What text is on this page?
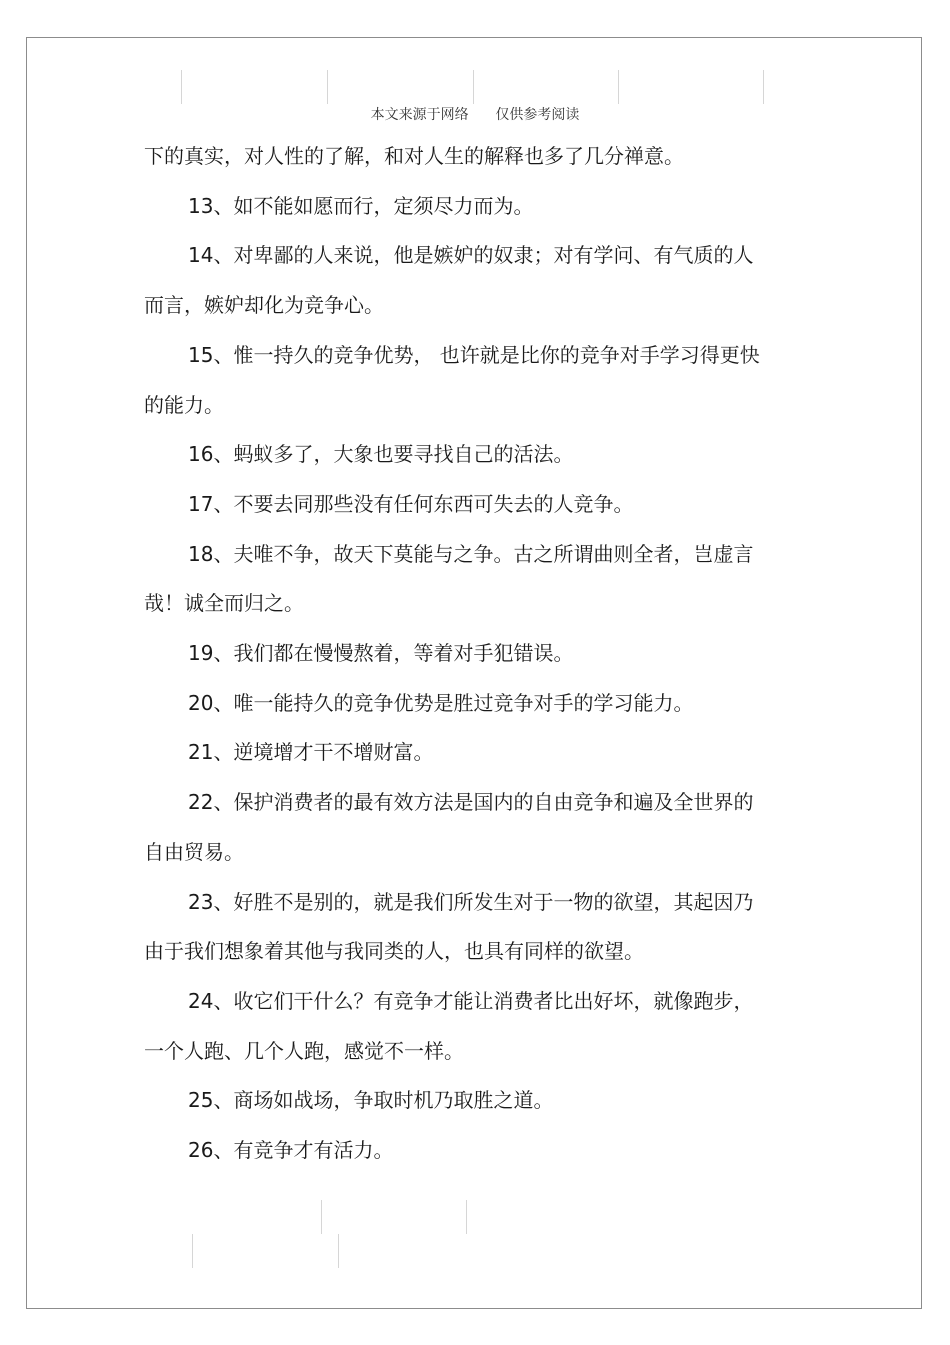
本文来源于网络      仅供参考阅读

下的真实，对人性的了解，和对人生的解释也多了几分禅意。

13、如不能如愿而行，定须尽力而为。

14、对卑鄙的人来说，他是嫉妒的奴隶；对有学问、有气质的人

而言，嫉妒却化为竞争心。

15、惟一持久的竞争优势， 也许就是比你的竞争对手学习得更快

的能力。

16、蚂蚁多了，大象也要寻找自己的活法。

17、不要去同那些没有任何东西可失去的人竞争。

18、夫唯不争，故天下莫能与之争。古之所谓曲则全者，岂虚言

哉！诚全而归之。

19、我们都在慢慢熬着，等着对手犯错误。

20、唯一能持久的竞争优势是胜过竞争对手的学习能力。

21、逆境增才干不增财富。

22、保护消费者的最有效方法是国内的自由竞争和遍及全世界的

自由贸易。

23、好胜不是别的，就是我们所发生对于一物的欲望，其起因乃

由于我们想象着其他与我同类的人，也具有同样的欲望。

24、收它们干什么？有竞争才能让消费者比出好坏，就像跑步，

一个人跑、几个人跑，感觉不一样。

25、商场如战场，争取时机乃取胜之道。

26、有竞争才有活力。
